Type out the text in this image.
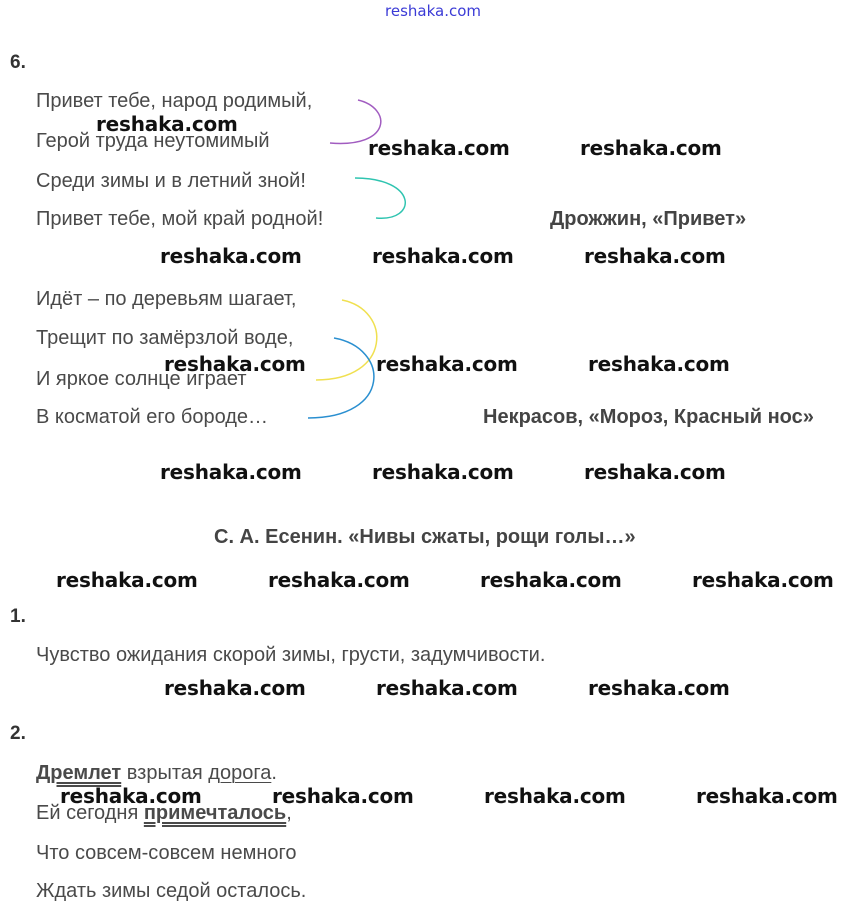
reshaka.com
6.
Привет тебе, народ родимый,
Герой труда неутомимый
Среди зимы и в летний зной!
Привет тебе, мой край родной!	Дрожжин, «Привет»
Идёт – по деревьям шагает,
Трещит по замёрзлой воде,
И яркое солнце играет
В косматой его бороде…	Некрасов, «Мороз, Красный нос»
С. А. Есенин. «Нивы сжаты, рощи голы…»
1.
Чувство ожидания скорой зимы, грусти, задумчивости.
2.
Дремлет взрытая дорога.
Ей сегодня примечталось,
Что совсем-совсем немного
Ждать зимы седой осталось.
reshaka.com
reshaka.com	reshaka.com
reshaka.com	reshaka.com	reshaka.com
reshaka.com	reshaka.com	reshaka.com
reshaka.com	reshaka.com	reshaka.com
reshaka.com	reshaka.com	reshaka.com	reshaka.com
reshaka.com	reshaka.com	reshaka.com
reshaka.com	reshaka.com	reshaka.com	reshaka.com
